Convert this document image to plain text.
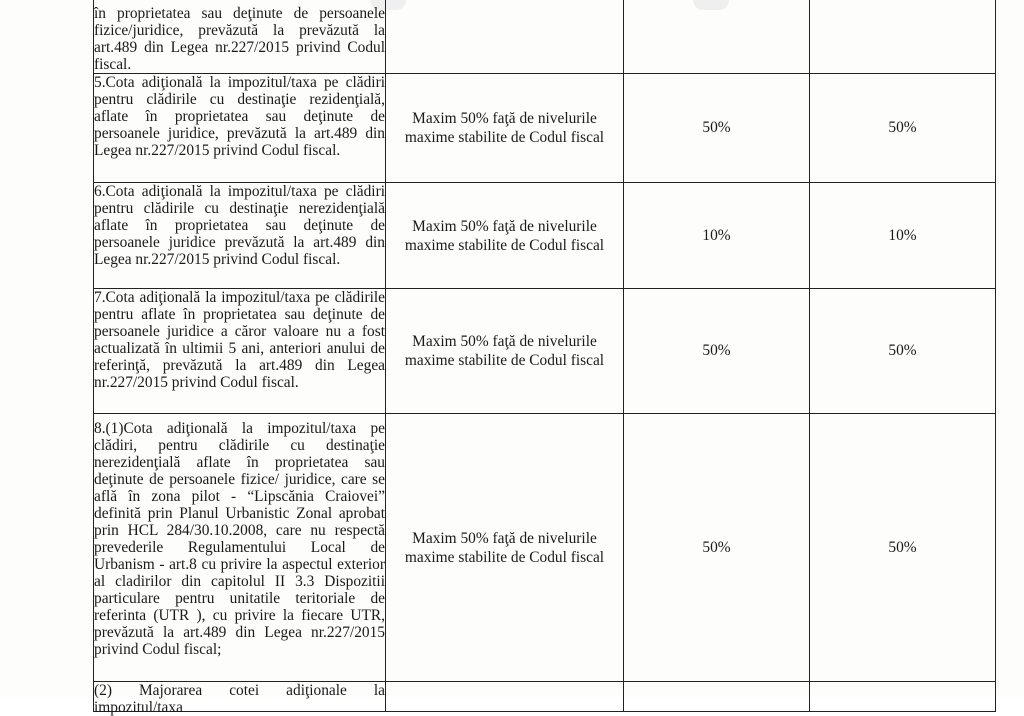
în proprietatea sau deţinute de persoanele fizice/juridice, prevăzută la prevăzută la art.489 din Legea nr.227/2015 privind Codul fiscal.			
5.Cota adiţională la impozitul/taxa pe clădiri pentru clădirile cu destinaţie rezidenţială, aflate în proprietatea sau deţinute de persoanele juridice, prevăzută la art.489 din Legea nr.227/2015 privind Codul fiscal.	Maxim 50% faţă de nivelurile maxime stabilite de Codul fiscal	50%	50%
6.Cota adiţională la impozitul/taxa pe clădiri pentru clădirile cu destinaţie nerezidenţială aflate în proprietatea sau deţinute de persoanele juridice prevăzută la art.489 din Legea nr.227/2015 privind Codul fiscal.	Maxim 50% faţă de nivelurile maxime stabilite de Codul fiscal	10%	10%
7.Cota adiţională la impozitul/taxa pe clădirile pentru aflate în proprietatea sau deţinute de persoanele juridice a căror valoare nu a fost actualizată în ultimii 5 ani, anteriori anului de referinţă, prevăzută la art.489 din Legea nr.227/2015 privind Codul fiscal.	Maxim 50% faţă de nivelurile maxime stabilite de Codul fiscal	50%	50%
8.(1)Cota adiţională la impozitul/taxa pe clădiri, pentru clădirile cu destinaţie nerezidenţială aflate în proprietatea sau deţinute de persoanele fizice/ juridice, care se află în zona pilot - “Lipscănia Craiovei” definită prin Planul Urbanistic Zonal aprobat prin HCL 284/30.10.2008, care nu respectă prevederile Regulamentului Local de Urbanism - art.8 cu privire la aspectul exterior al cladirilor din capitolul II 3.3 Dispozitii particulare pentru unitatile teritoriale de referinta (UTR ), cu privire la fiecare UTR, prevăzută la art.489 din Legea nr.227/2015 privind Codul fiscal;	Maxim 50% faţă de nivelurile maxime stabilite de Codul fiscal	50%	50%

(2) Majorarea cotei adiţionale la impozitul/taxa			
